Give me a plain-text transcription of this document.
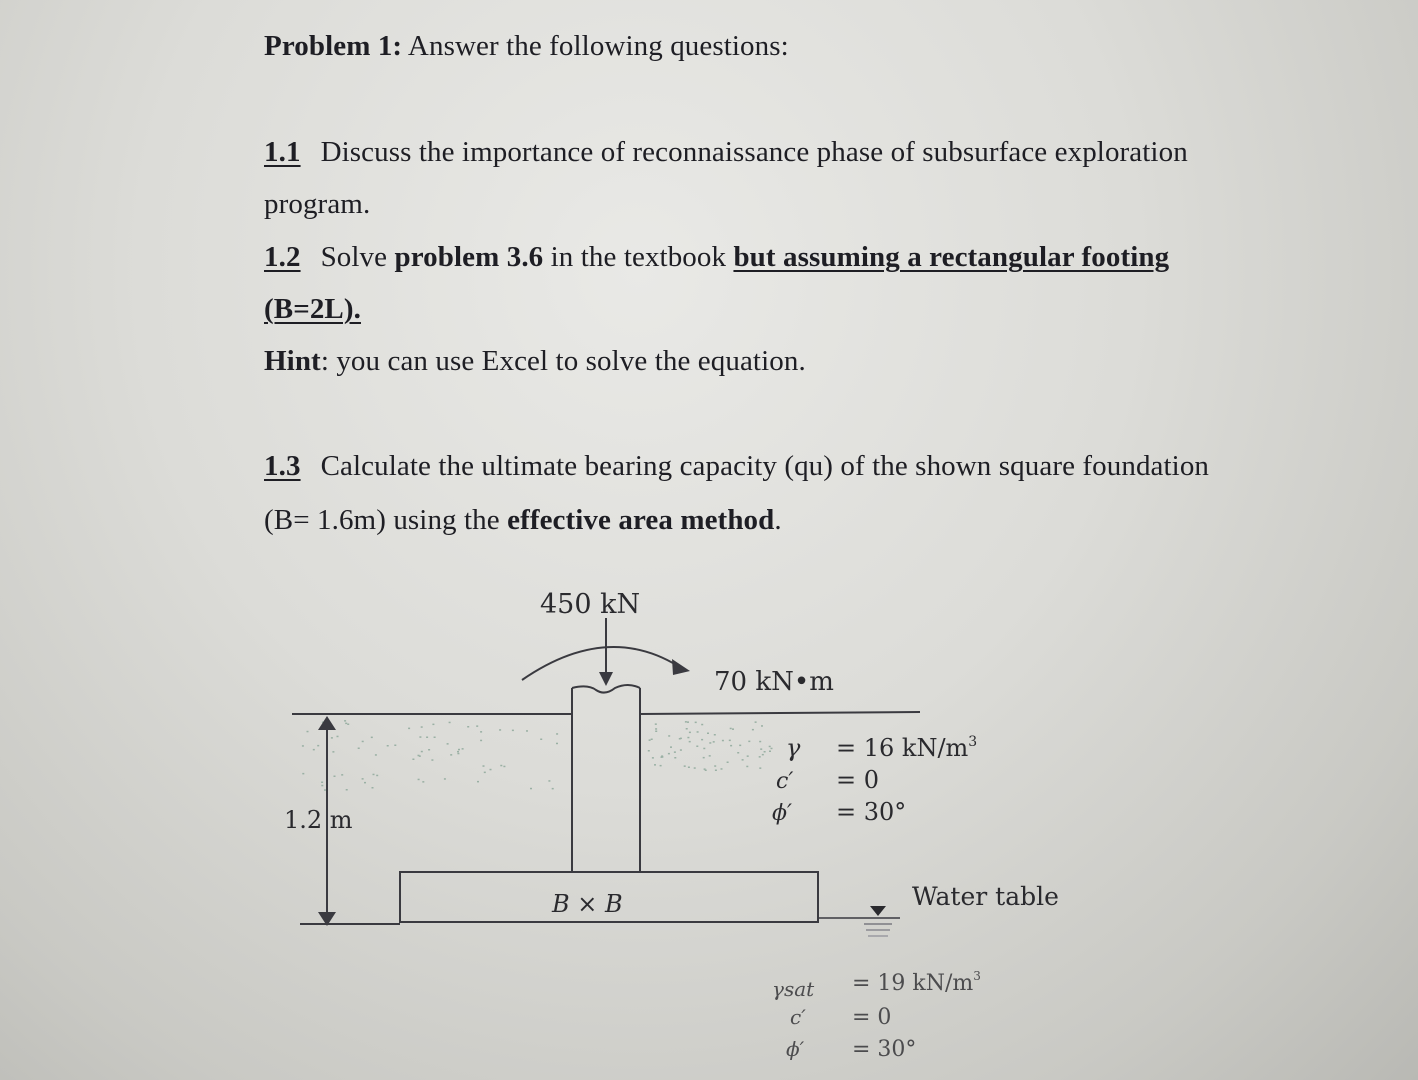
Problem 1: Answer the following questions:
1.1 Discuss the importance of reconnaissance phase of subsurface exploration
program.
1.2 Solve problem 3.6 in the textbook but assuming a rectangular footing
(B=2L).
Hint: you can use Excel to solve the equation.
1.3 Calculate the ultimate bearing capacity (qu) of the shown square foundation
(B= 1.6m) using the effective area method.
450 kN
70 kN•m
1.2 m
B × B	Water table
γ = 16 $kN/m^3$
c′ = 0
ϕ′ = 30°
γsat = 19 $kN/m^3$
c′ = 0
ϕ′ = 30°
